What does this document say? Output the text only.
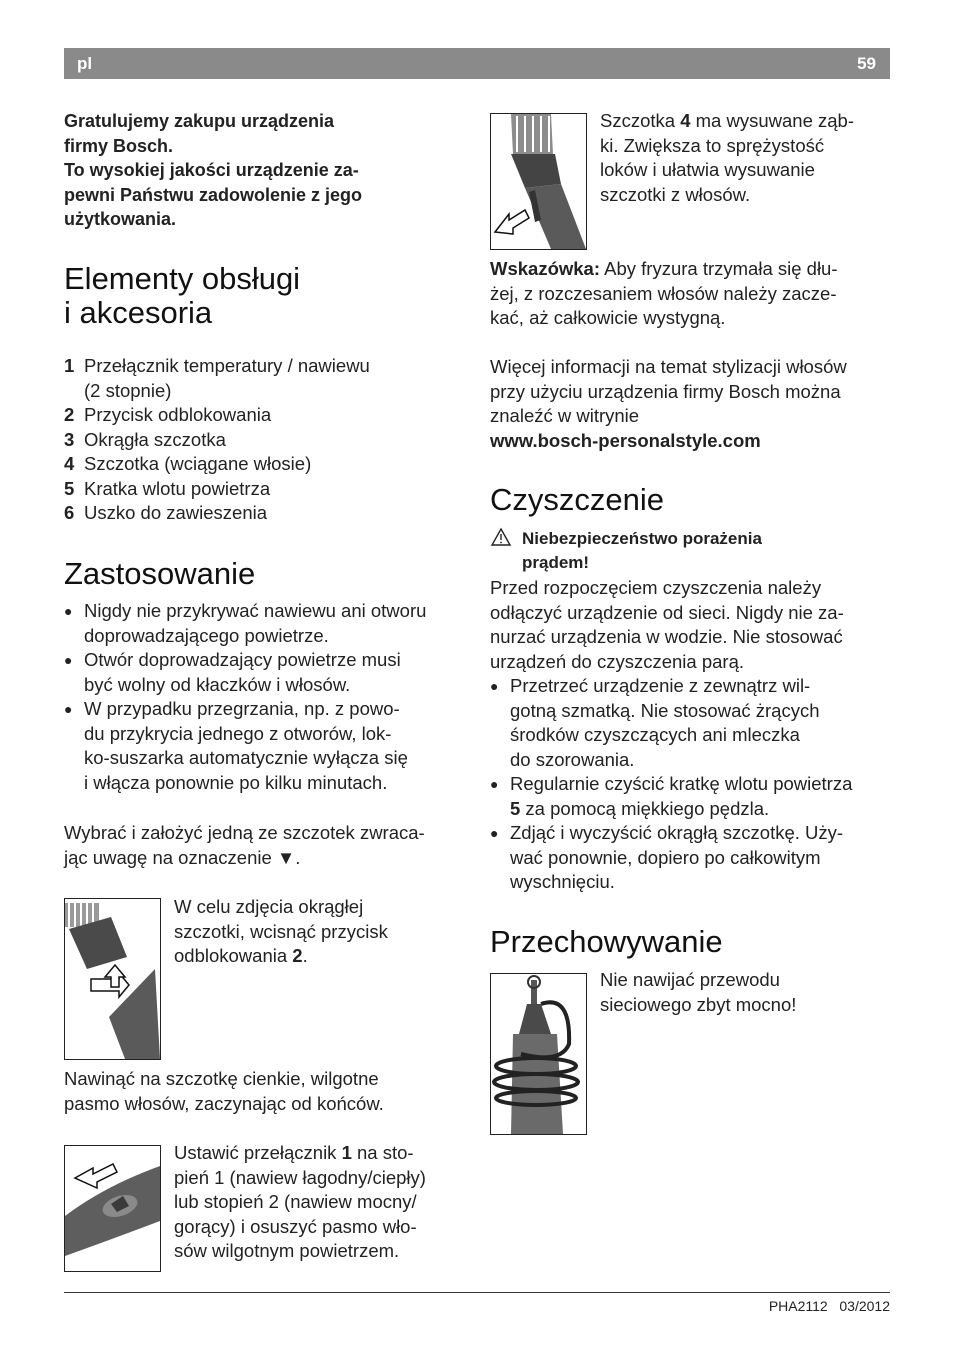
pl	59

Gratulujemy zakupu urządzenia

firmy Bosch.

To wysokiej jakości urządzenie za-

pewni Państwu zadowolenie z jego

użytkowania.

Elementy obsługi
i akcesoria
1 Przełącznik temperatury / nawiewu

(2 stopnie)

2 Przycisk odblokowania

3 Okrągła szczotka

4 Szczotka (wciągane włosie)

5 Kratka wlotu powietrza

6 Uszko do zawieszenia

Zastosowanie
● Nigdy nie przykrywać nawiewu ani otworu

doprowadzającego powietrze.

● Otwór doprowadzający powietrze musi

być wolny od kłaczków i włosów.

● W przypadku przegrzania, np. z powo-

du przykrycia jednego z otworów, lok-

ko-suszarka automatycznie wyłącza się

i włącza ponownie po kilku minutach.

Wybrać i założyć jedną ze szczotek zwraca-

jąc uwagę na oznaczenie ▼.

W celu zdjęcia okrągłej

szczotki, wcisnąć przycisk

odblokowania 2.

Nawinąć na szczotkę cienkie, wilgotne

pasmo włosów, zaczynając od końców.

Ustawić przełącznik 1 na sto-

pień 1 (nawiew łagodny/ciepły)

lub stopień 2 (nawiew mocny/

gorący) i osuszyć pasmo wło-

sów wilgotnym powietrzem.

Szczotka 4 ma wysuwane ząb-

ki. Zwiększa to sprężystość

loków i ułatwia wysuwanie

szczotki z włosów.

Wskazówka: Aby fryzura trzymała się dłu-

żej, z rozczesaniem włosów należy zacze-

kać, aż całkowicie wystygną.

Więcej informacji na temat stylizacji włosów

przy użyciu urządzenia firmy Bosch można

znaleźć w witrynie

www.bosch-personalstyle.com

Czyszczenie

Niebezpieczeństwo porażenia

prądem!

Przed rozpoczęciem czyszczenia należy

odłączyć urządzenie od sieci. Nigdy nie za-

nurzać urządzenia w wodzie. Nie stosować

urządzeń do czyszczenia parą.

● Przetrzeć urządzenie z zewnątrz wil-

gotną szmatką. Nie stosować żrących

środków czyszczących ani mleczka

do szorowania.

● Regularnie czyścić kratkę wlotu powietrza

5 za pomocą miękkiego pędzla.

● Zdjąć i wyczyścić okrągłą szczotkę. Uży-

wać ponownie, dopiero po całkowitym

wyschnięciu.

Przechowywanie

Nie nawijać przewodu

sieciowego zbyt mocno!

PHA2112 03/2012
